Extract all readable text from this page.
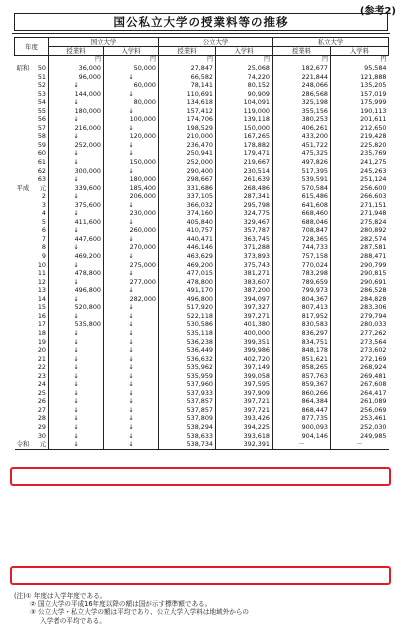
(参考2)
国公私立大学の授業料等の推移
年度		国立大学		公立大学		私立大学	
		授業料	入学料	授業料	入学料	授業料	入学料
		円	円	円	円	円	円
昭和	50	36,000	50,000	27,847	25,068	182,677	95,584
	51	96,000	↓	66,582	74,220	221,844	121,888
	52	↓	60,000	78,141	80,152	248,066	135,205
	53	144,000	↓	110,691	90,909	286,568	157,019
	54	↓	80,000	134,618	104,091	325,198	175,999
	55	180,000	↓	157,412	119,000	355,156	190,113
	56	↓	100,000	174,706	139,118	380,253	201,611
	57	216,000	↓	198,529	150,000	406,261	212,650
	58	↓	120,000	210,000	167,265	433,200	219,428
	59	252,000	↓	236,470	178,882	451,722	225,820
	60	↓	↓	250,941	179,471	475,325	235,769
	61	↓	150,000	252,000	219,667	497,826	241,275
	62	300,000	↓	290,400	230,514	517,395	245,263
	63	↓	180,000	298,667	261,639	539,591	251,124
平成	元	339,600	185,400	331,686	268,486	570,584	256,600
	2	↓	206,000	337,105	287,341	615,486	266,603
	3	375,600	↓	366,032	295,798	641,608	271,151
	4	↓	230,000	374,160	324,775	668,460	271,948
	5	411,600	↓	405,840	329,467	688,046	275,824
	6	↓	260,000	410,757	357,787	708,847	280,892
	7	447,600	↓	440,471	363,745	728,365	282,574
	8	↓	270,000	446,146	371,288	744,733	287,581
	9	469,200	↓	463,629	373,893	757,158	288,471
	10	↓	275,000	469,200	375,743	770,024	290,799
	11	478,800	↓	477,015	381,271	783,298	290,815
	12	↓	277,000	478,800	383,607	789,659	290,691
	13	496,800	↓	491,170	387,200	799,973	286,528
	14	↓	282,000	496,800	394,097	804,367	284,828
	15	520,800	↓	517,920	397,327	807,413	283,306
	16	↓	↓	522,118	397,271	817,952	279,794
	17	535,800	↓	530,586	401,380	830,583	280,033
	18	↓	↓	535,118	400,000	836,297	277,262
	19	↓	↓	536,238	399,351	834,751	273,564
	20	↓	↓	536,449	399,986	848,178	273,602
	21	↓	↓	536,632	402,720	851,621	272,169
	22	↓	↓	535,962	397,149	858,265	268,924
	23	↓	↓	535,959	399,058	857,763	269,481
	24	↓	↓	537,960	397,595	859,367	267,608
	25	↓	↓	537,933	397,909	860,266	264,417
	26	↓	↓	537,857	397,721	864,384	261,089
	27	↓	↓	537,857	397,721	868,447	256,069
	28	↓	↓	537,809	393,426	877,735	253,461
	29	↓	↓	538,294	394,225	900,093	252,030
	30	↓	↓	538,633	393,618	904,146	249,985
令和	元	↓	↓	538,734	392,391	－	－
(注)① 年度は入学年度である。
② 国立大学の平成16年度以降の額は国が示す標準額である。
③ 公立大学・私立大学の額は平均であり、公立大学入学料は地域外からの
入学者の平均である。
